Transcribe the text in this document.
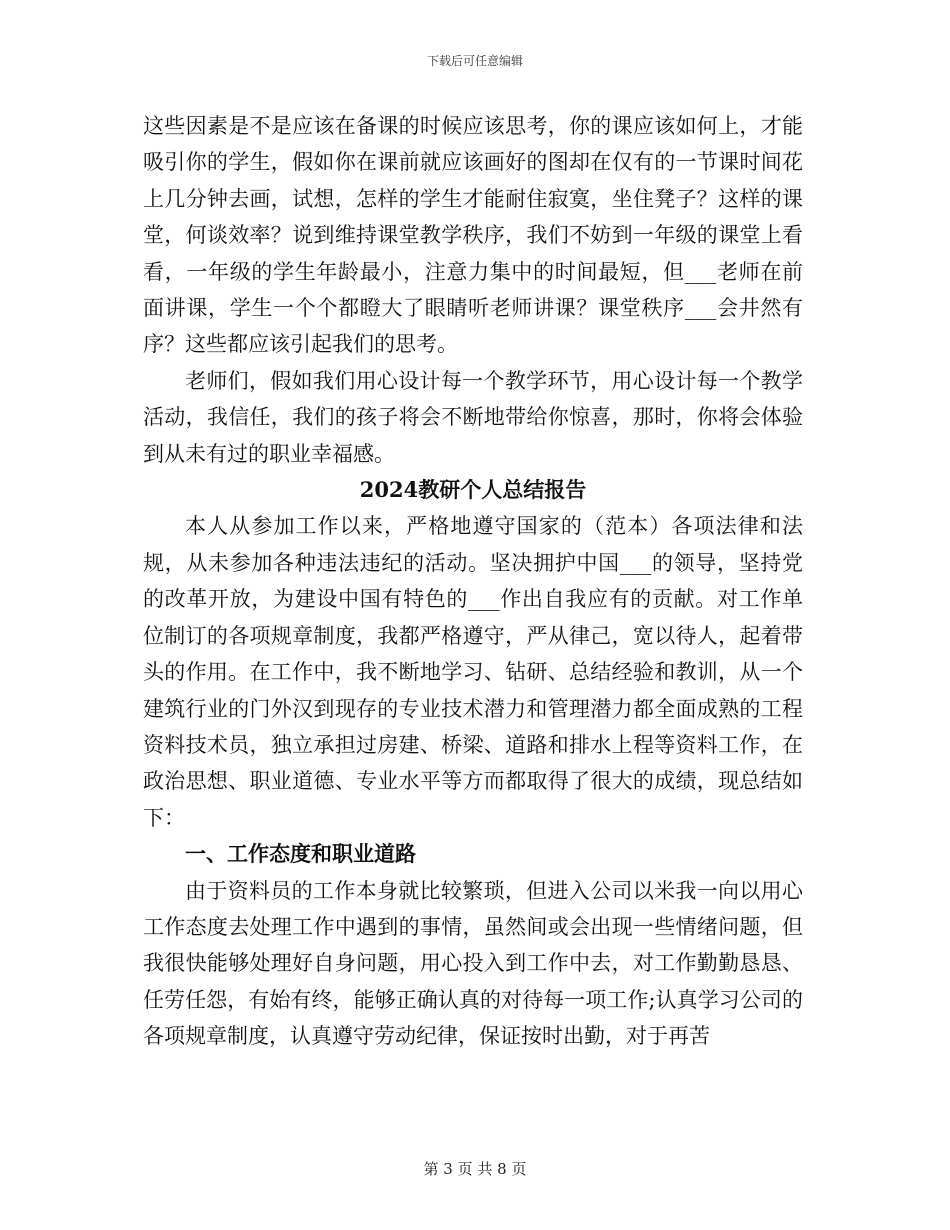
下载后可任意编辑

这些因素是不是应该在备课的时候应该思考，你的课应该如何上，才能吸引你的学生，假如你在课前就应该画好的图却在仅有的一节课时间花上几分钟去画，试想，怎样的学生才能耐住寂寞，坐住凳子？这样的课堂，何谈效率？说到维持课堂教学秩序，我们不妨到一年级的课堂上看看，一年级的学生年龄最小，注意力集中的时间最短，但___老师在前面讲课，学生一个个都瞪大了眼睛听老师讲课？课堂秩序___会井然有序？这些都应该引起我们的思考。

老师们，假如我们用心设计每一个教学环节，用心设计每一个教学活动，我信任，我们的孩子将会不断地带给你惊喜，那时，你将会体验到从未有过的职业幸福感。

2024教研个人总结报告

本人从参加工作以来，严格地遵守国家的（范本）各项法律和法规，从未参加各种违法违纪的活动。坚决拥护中国___的领导，坚持党的改革开放，为建设中国有特色的___作出自我应有的贡献。对工作单位制订的各项规章制度，我都严格遵守，严从律己，宽以待人，起着带头的作用。在工作中，我不断地学习、钻研、总结经验和教训，从一个建筑行业的门外汉到现存的专业技术潜力和管理潜力都全面成熟的工程资料技术员，独立承担过房建、桥梁、道路和排水上程等资料工作，在政治思想、职业道德、专业水平等方而都取得了很大的成绩，现总结如下：

一、工作态度和职业道路

由于资料员的工作本身就比较繁琐，但进入公司以米我一向以用心工作态度去处理工作中遇到的事情，虽然间或会出现一些情绪问题，但我很快能够处理好自身问题，用心投入到工作中去，对工作勤勤恳恳、任劳任怨，有始有终，能够正确认真的对待每一项工作;认真学习公司的各项规章制度，认真遵守劳动纪律，保证按时出勤，对于再苦

第 3 页 共 8 页
